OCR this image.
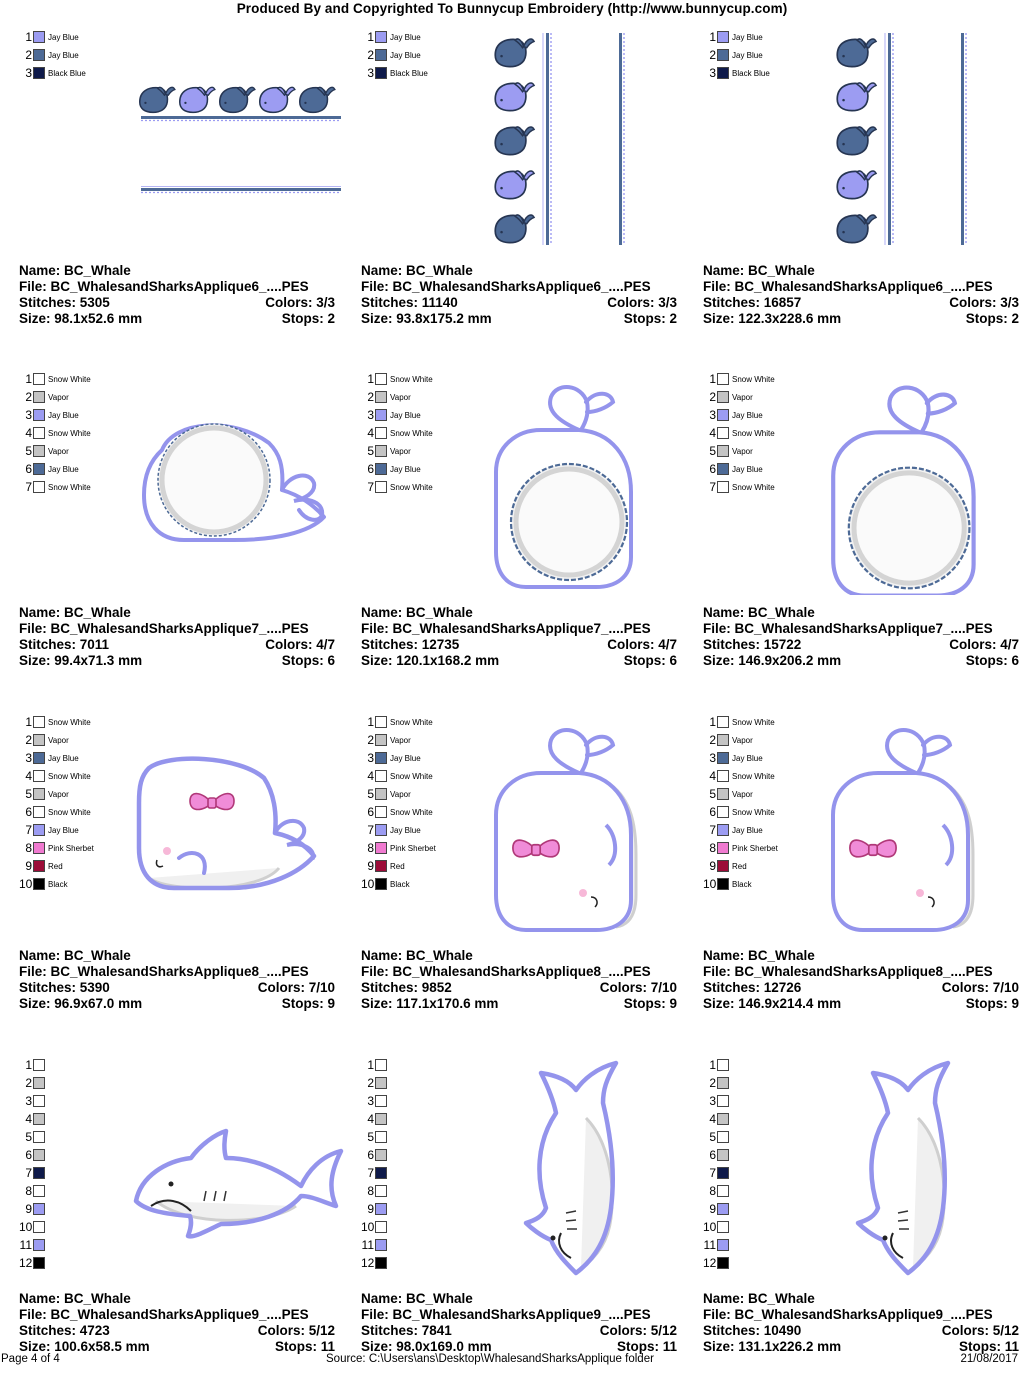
Produced By and Copyrighted To Bunnycup Embroidery (http://www.bunnycup.com)
1 Jay Blue
2 Jay Blue
3 Black Blue
Name: BC_Whale
File: BC_WhalesandSharksApplique6_....PES
Stitches: 5305	Colors: 3/3
Size: 98.1x52.6 mm	Stops: 2
1 Jay Blue
2 Jay Blue
3 Black Blue
Name: BC_Whale
File: BC_WhalesandSharksApplique6_....PES
Stitches: 11140	Colors: 3/3
Size: 93.8x175.2 mm	Stops: 2
1 Jay Blue
2 Jay Blue
3 Black Blue
Name: BC_Whale
File: BC_WhalesandSharksApplique6_....PES
Stitches: 16857	Colors: 3/3
Size: 122.3x228.6 mm	Stops: 2
1 Snow White
2 Vapor
3 Jay Blue
4 Snow White
5 Vapor
6 Jay Blue
7 Snow White
Name: BC_Whale
File: BC_WhalesandSharksApplique7_....PES
Stitches: 7011	Colors: 4/7
Size: 99.4x71.3 mm	Stops: 6
1 Snow White
2 Vapor
3 Jay Blue
4 Snow White
5 Vapor
6 Jay Blue
7 Snow White
Name: BC_Whale
File: BC_WhalesandSharksApplique7_....PES
Stitches: 12735	Colors: 4/7
Size: 120.1x168.2 mm	Stops: 6
1 Snow White
2 Vapor
3 Jay Blue
4 Snow White
5 Vapor
6 Jay Blue
7 Snow White
Name: BC_Whale
File: BC_WhalesandSharksApplique7_....PES
Stitches: 15722	Colors: 4/7
Size: 146.9x206.2 mm	Stops: 6
1 Snow White
2 Vapor
3 Jay Blue
4 Snow White
5 Vapor
6 Snow White
7 Jay Blue
8 Pink Sherbet
9 Red
10 Black
Name: BC_Whale
File: BC_WhalesandSharksApplique8_....PES
Stitches: 5390	Colors: 7/10
Size: 96.9x67.0 mm	Stops: 9
1 Snow White
2 Vapor
3 Jay Blue
4 Snow White
5 Vapor
6 Snow White
7 Jay Blue
8 Pink Sherbet
9 Red
10 Black
Name: BC_Whale
File: BC_WhalesandSharksApplique8_....PES
Stitches: 9852	Colors: 7/10
Size: 117.1x170.6 mm	Stops: 9
1 Snow White
2 Vapor
3 Jay Blue
4 Snow White
5 Vapor
6 Snow White
7 Jay Blue
8 Pink Sherbet
9 Red
10 Black
Name: BC_Whale
File: BC_WhalesandSharksApplique8_....PES
Stitches: 12726	Colors: 7/10
Size: 146.9x214.4 mm	Stops: 9
1
2
3
4
5
6
7
8
9
10
11
12
Name: BC_Whale
File: BC_WhalesandSharksApplique9_....PES
Stitches: 4723	Colors: 5/12
Size: 100.6x58.5 mm	Stops: 11
1
2
3
4
5
6
7
8
9
10
11
12
Name: BC_Whale
File: BC_WhalesandSharksApplique9_....PES
Stitches: 7841	Colors: 5/12
Size: 98.0x169.0 mm	Stops: 11
1
2
3
4
5
6
7
8
9
10
11
12
Name: BC_Whale
File: BC_WhalesandSharksApplique9_....PES
Stitches: 10490	Colors: 5/12
Size: 131.1x226.2 mm	Stops: 11
Page 4 of 4	Source: C:\Users\ans\Desktop\WhalesandSharksApplique folder	21/08/2017
